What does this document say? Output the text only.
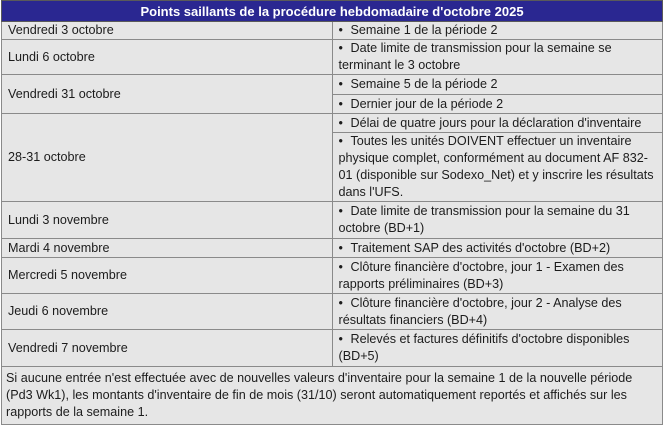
Points saillants de la procédure hebdomadaire d'octobre 2025	
Vendredi 3 octobre	• Semaine 1 de la période 2
Lundi 6 octobre	• Date limite de transmission pour la semaine se terminant le 3 octobre
Vendredi 31 octobre	• Semaine 5 de la période 2
	• Dernier jour de la période 2
28-31 octobre	• Délai de quatre jours pour la déclaration d'inventaire
	• Toutes les unités DOIVENT effectuer un inventaire physique complet, conformément au document AF 832-01 (disponible sur Sodexo_Net) et y inscrire les résultats dans l'UFS.
Lundi 3 novembre	• Date limite de transmission pour la semaine du 31 octobre (BD+1)
Mardi 4 novembre	• Traitement SAP des activités d'octobre (BD+2)
Mercredi 5 novembre	• Clôture financière d'octobre, jour 1 - Examen des rapports préliminaires (BD+3)
Jeudi 6 novembre	• Clôture financière d'octobre, jour 2 - Analyse des résultats financiers (BD+4)
Vendredi 7 novembre	• Relevés et factures définitifs d'octobre disponibles (BD+5)
Si aucune entrée n'est effectuée avec de nouvelles valeurs d'inventaire pour la semaine 1 de la nouvelle période (Pd3 Wk1), les montants d'inventaire de fin de mois (31/10) seront automatiquement reportés et affichés sur les rapports de la semaine 1.	
